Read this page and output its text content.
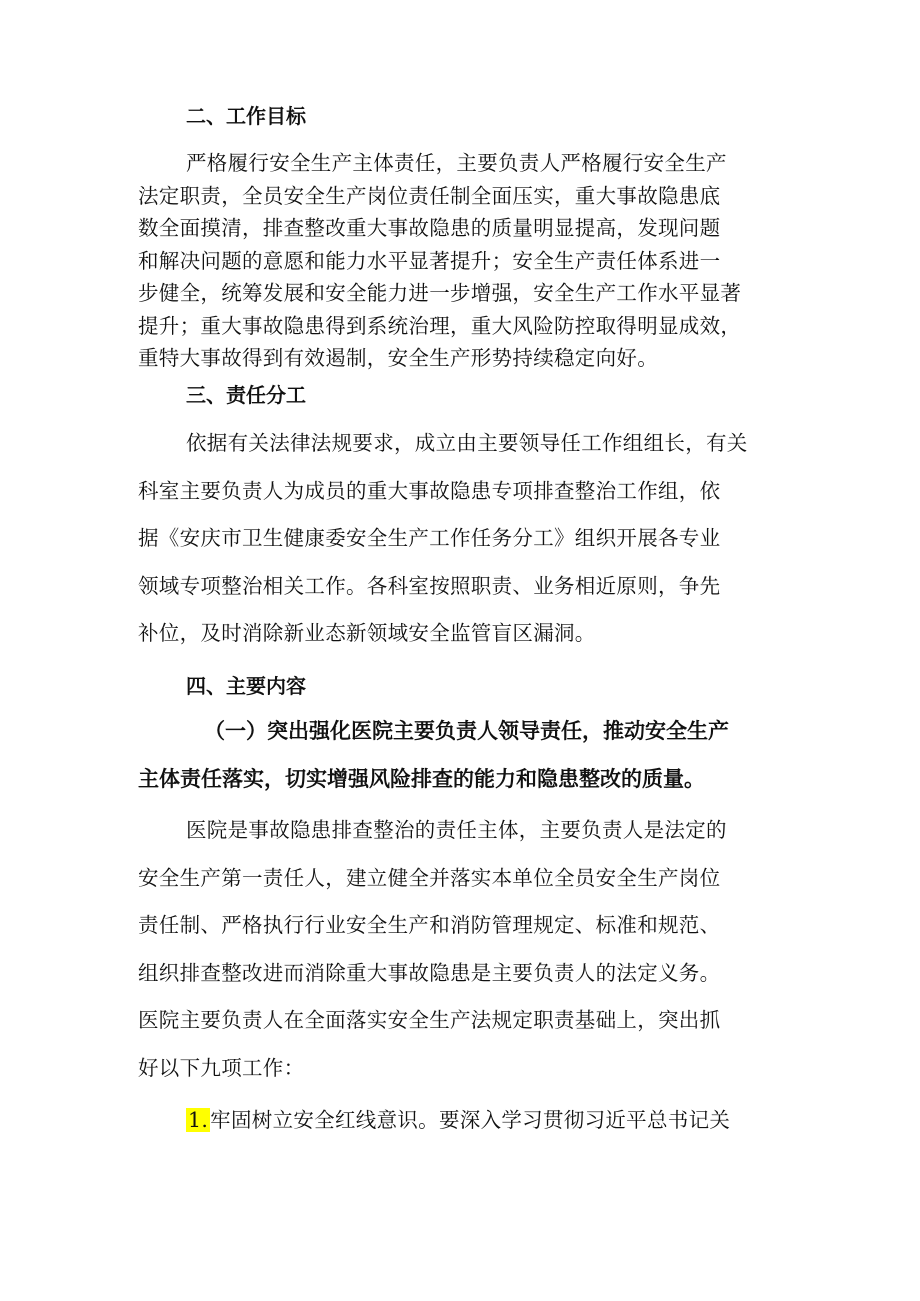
二、工作目标
严格履行安全生产主体责任，主要负责人严格履行安全生产
法定职责，全员安全生产岗位责任制全面压实，重大事故隐患底
数全面摸清，排查整改重大事故隐患的质量明显提高，发现问题
和解决问题的意愿和能力水平显著提升；安全生产责任体系进一
步健全，统筹发展和安全能力进一步增强，安全生产工作水平显著
提升；重大事故隐患得到系统治理，重大风险防控取得明显成效，
重特大事故得到有效遏制，安全生产形势持续稳定向好。
三、责任分工
依据有关法律法规要求，成立由主要领导任工作组组长，有关
科室主要负责人为成员的重大事故隐患专项排查整治工作组，依
据《安庆市卫生健康委安全生产工作任务分工》组织开展各专业
领域专项整治相关工作。各科室按照职责、业务相近原则，争先
补位，及时消除新业态新领域安全监管盲区漏洞。
四、主要内容
（一）突出强化医院主要负责人领导责任，推动安全生产
主体责任落实，切实增强风险排查的能力和隐患整改的质量。
医院是事故隐患排查整治的责任主体，主要负责人是法定的
安全生产第一责任人，建立健全并落实本单位全员安全生产岗位
责任制、严格执行行业安全生产和消防管理规定、标准和规范、
组织排查整改进而消除重大事故隐患是主要负责人的法定义务。
医院主要负责人在全面落实安全生产法规定职责基础上，突出抓
好以下九项工作：
1.牢固树立安全红线意识。要深入学习贯彻习近平总书记关
